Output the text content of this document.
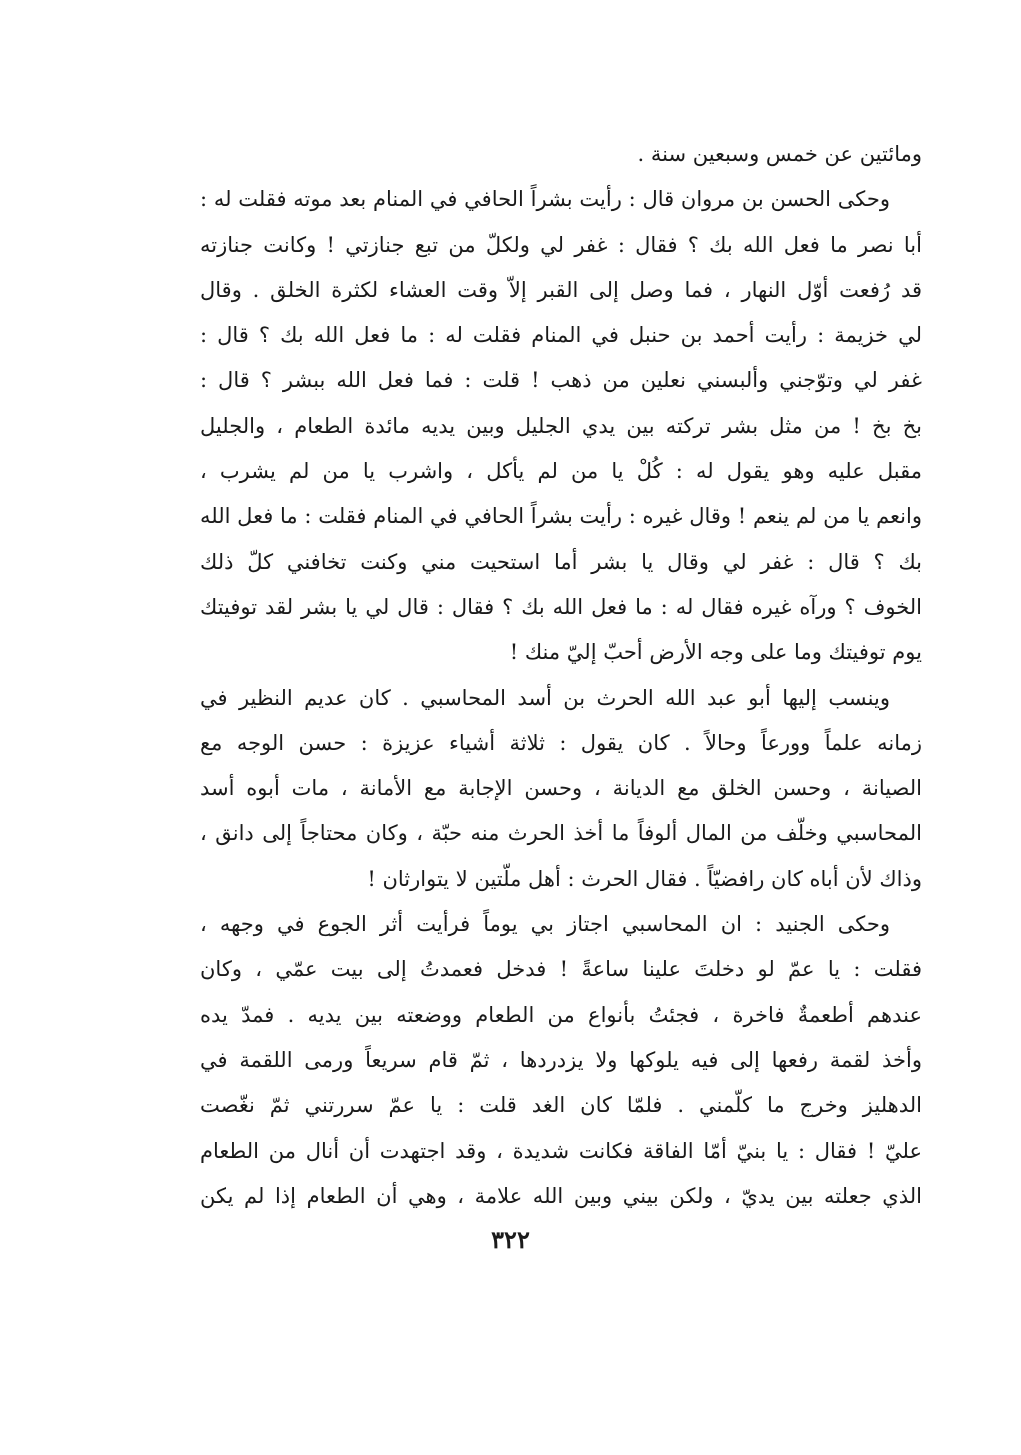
ومائتين عن خمس وسبعين سنة .
وحكى الحسن بن مروان قال : رأيت بشراً الحافي في المنام بعد موته فقلت له :
أبا نصر ما فعل الله بك ؟ فقال : غفر لي ولكلّ من تبع جنازتي ! وكانت جنازته
قد رُفعت أوّل النهار ، فما وصل إلى القبر إلاّ وقت العشاء لكثرة الخلق . وقال
لي خزيمة : رأيت أحمد بن حنبل في المنام فقلت له : ما فعل الله بك ؟ قال :
غفر لي وتوّجني وألبسني نعلين من ذهب ! قلت : فما فعل الله ببشر ؟ قال :
بخ بخ ! من مثل بشر تركته بين يدي الجليل وبين يديه مائدة الطعام ، والجليل
مقبل عليه وهو يقول له : كُلْ يا من لم يأكل ، واشرب يا من لم يشرب ،
وانعم يا من لم ينعم ! وقال غيره : رأيت بشراً الحافي في المنام فقلت : ما فعل الله
بك ؟ قال : غفر لي وقال يا بشر أما استحيت مني وكنت تخافني كلّ ذلك
الخوف ؟ ورآه غيره فقال له : ما فعل الله بك ؟ فقال : قال لي يا بشر لقد توفيتك
يوم توفيتك وما على وجه الأرض أحبّ إليّ منك !
وينسب إليها أبو عبد الله الحرث بن أسد المحاسبي . كان عديم النظير في
زمانه علماً وورعاً وحالاً . كان يقول : ثلاثة أشياء عزيزة : حسن الوجه مع
الصيانة ، وحسن الخلق مع الديانة ، وحسن الإجابة مع الأمانة ، مات أبوه أسد
المحاسبي وخلّف من المال ألوفاً ما أخذ الحرث منه حبّة ، وكان محتاجاً إلى دانق ،
وذاك لأن أباه كان رافضيّاً . فقال الحرث : أهل ملّتين لا يتوارثان !
وحكى الجنيد : ان المحاسبي اجتاز بي يوماً فرأيت أثر الجوع في وجهه ،
فقلت : يا عمّ لو دخلتَ علينا ساعةً ! فدخل فعمدتُ إلى بيت عمّي ، وكان
عندهم أطعمةٌ فاخرة ، فجئتُ بأنواع من الطعام ووضعته بين يديه . فمدّ يده
وأخذ لقمة رفعها إلى فيه يلوكها ولا يزدردها ، ثمّ قام سريعاً ورمى اللقمة في
الدهليز وخرج ما كلّمني . فلمّا كان الغد قلت : يا عمّ سررتني ثمّ نغّصت
عليّ ! فقال : يا بنيّ أمّا الفاقة فكانت شديدة ، وقد اجتهدت أن أنال من الطعام
الذي جعلته بين يديّ ، ولكن بيني وبين الله علامة ، وهي أن الطعام إذا لم يكن
٣٢٢
